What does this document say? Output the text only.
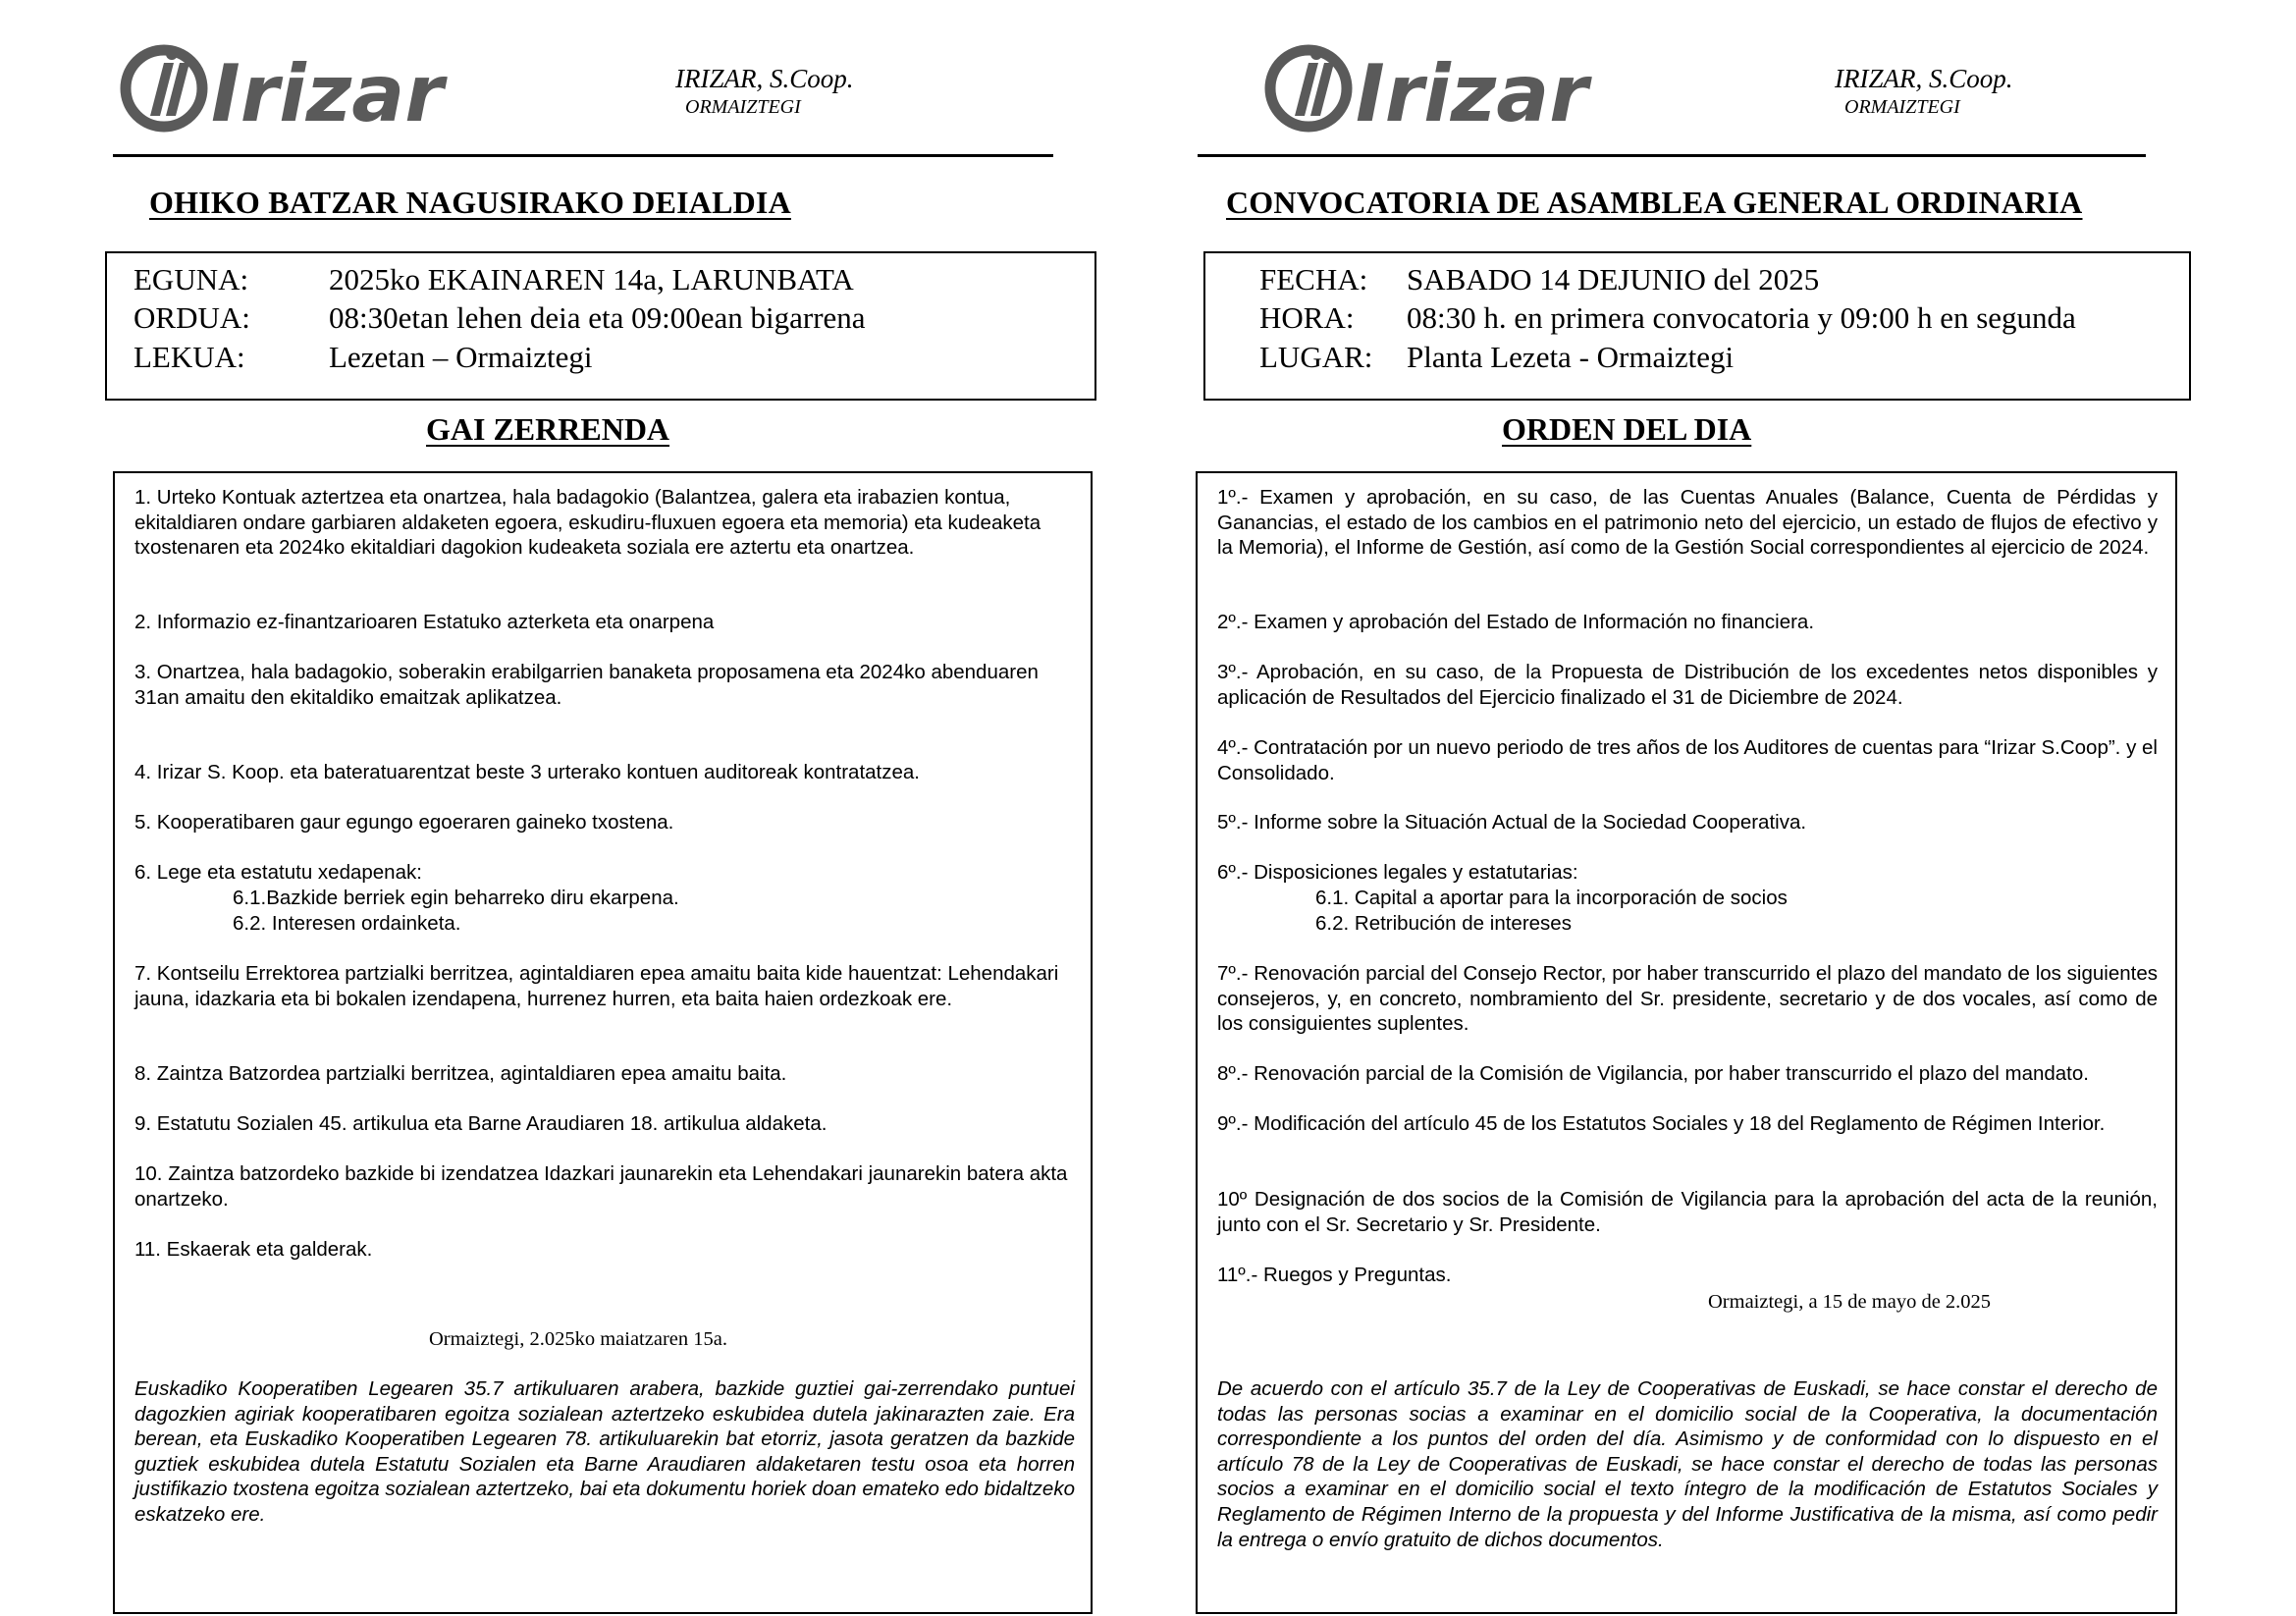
Irizar	IRIZAR, S.Coop.
ORMAIZTEGI
OHIKO BATZAR NAGUSIRAKO DEIALDIA
EGUNA:	2025ko EKAINAREN 14a, LARUNBATA
ORDUA:	08:30etan lehen deia eta 09:00ean bigarrena
LEKUA:	Lezetan – Ormaiztegi
GAI ZERRENDA

1. Urteko Kontuak aztertzea eta onartzea, hala badagokio (Balantzea, galera eta irabazien kontua, ekitaldiaren ondare garbiaren aldaketen egoera, eskudiru-fluxuen egoera eta memoria) eta kudeaketa txostenaren eta 2024ko ekitaldiari dagokion kudeaketa soziala ere aztertu eta onartzea.

2. Informazio ez-finantzarioaren Estatuko azterketa eta onarpena

3. Onartzea, hala badagokio, soberakin erabilgarrien banaketa proposamena eta 2024ko abenduaren 31an amaitu den ekitaldiko emaitzak aplikatzea.

4. Irizar S. Koop. eta bateratuarentzat beste 3 urterako kontuen auditoreak kontratatzea.

5. Kooperatibaren gaur egungo egoeraren gaineko txostena.

6. Lege eta estatutu xedapenak:

6.1.Bazkide berriek egin beharreko diru ekarpena.

6.2. Interesen ordainketa.

7. Kontseilu Errektorea partzialki berritzea, agintaldiaren epea amaitu baita kide hauentzat: Lehendakari jauna, idazkaria eta bi bokalen izendapena, hurrenez hurren, eta baita haien ordezkoak ere.

8. Zaintza Batzordea partzialki berritzea, agintaldiaren epea amaitu baita.

9. Estatutu Sozialen 45. artikulua eta Barne Araudiaren 18. artikulua aldaketa.

10. Zaintza batzordeko bazkide bi izendatzea Idazkari jaunarekin eta Lehendakari jaunarekin batera akta onartzeko.

11. Eskaerak eta galderak.

Ormaiztegi, 2.025ko maiatzaren 15a.
Euskadiko Kooperatiben Legearen 35.7 artikuluaren arabera, bazkide guztiei gai-zerrendako puntuei dagozkien agiriak kooperatibaren egoitza sozialean aztertzeko eskubidea dutela jakinarazten zaie. Era berean, eta Euskadiko Kooperatiben Legearen 78. artikuluarekin bat etorriz, jasota geratzen da bazkide guztiek eskubidea dutela Estatutu Sozialen eta Barne Araudiaren aldaketaren testu osoa eta horren justifikazio txostena egoitza sozialean aztertzeko, bai eta dokumentu horiek doan emateko edo bidaltzeko eskatzeko ere.
Irizar	IRIZAR, S.Coop.
ORMAIZTEGI
CONVOCATORIA DE ASAMBLEA GENERAL ORDINARIA
FECHA:	SABADO 14 DEJUNIO del 2025
HORA:	08:30 h. en primera convocatoria y 09:00 h en segunda
LUGAR:	Planta Lezeta - Ormaiztegi
ORDEN DEL DIA

1º.- Examen y aprobación, en su caso, de las Cuentas Anuales (Balance, Cuenta de Pérdidas y Ganancias, el estado de los cambios en el patrimonio neto del ejercicio, un estado de flujos de efectivo y la Memoria), el Informe de Gestión, así como de la Gestión Social correspondientes al ejercicio de 2024.

2º.- Examen y aprobación del Estado de Información no financiera.

3º.- Aprobación, en su caso, de la Propuesta de Distribución de los excedentes netos disponibles y aplicación de Resultados del Ejercicio finalizado el 31 de Diciembre de 2024.

4º.- Contratación por un nuevo periodo de tres años de los Auditores de cuentas para “Irizar S.Coop”. y el Consolidado.

5º.- Informe sobre la Situación Actual de la Sociedad Cooperativa.

6º.- Disposiciones legales y estatutarias:

6.1. Capital a aportar para la incorporación de socios

6.2. Retribución de intereses

7º.- Renovación parcial del Consejo Rector, por haber transcurrido el plazo del mandato de los siguientes consejeros, y, en concreto, nombramiento del Sr. presidente, secretario y de dos vocales, así como de los consiguientes suplentes.

8º.- Renovación parcial de la Comisión de Vigilancia, por haber transcurrido el plazo del mandato.

9º.- Modificación del artículo 45 de los Estatutos Sociales y 18 del Reglamento de Régimen Interior.

10º Designación de dos socios de la Comisión de Vigilancia para la aprobación del acta de la reunión, junto con el Sr. Secretario y Sr. Presidente.

11º.- Ruegos y Preguntas.

Ormaiztegi, a 15 de mayo de 2.025
De acuerdo con el artículo 35.7 de la Ley de Cooperativas de Euskadi, se hace constar el derecho de todas las personas socias a examinar en el domicilio social de la Cooperativa, la documentación correspondiente a los puntos del orden del día. Asimismo y de conformidad con lo dispuesto en el artículo 78 de la Ley de Cooperativas de Euskadi, se hace constar el derecho de todas las personas socios a examinar en el domicilio social el texto íntegro de la modificación de Estatutos Sociales y Reglamento de Régimen Interno de la propuesta y del Informe Justificativa de la misma, así como pedir la entrega o envío gratuito de dichos documentos.
